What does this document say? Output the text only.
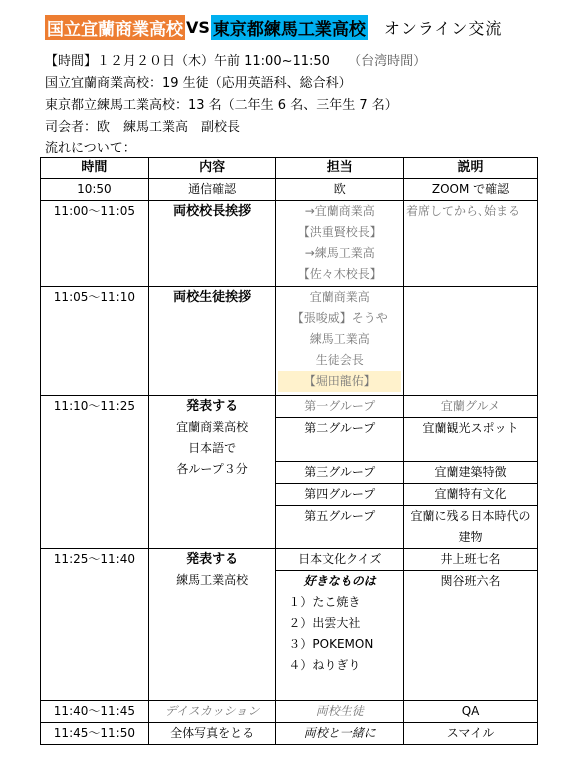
国立宜蘭商業高校 VS 東京都練馬工業高校 オンライン交流
【時間】１２月２０日（木）午前 11:00~11:50 （台湾時間）
国立宜蘭商業高校：19 生徒（応用英語科、総合科）
東京都立練馬工業高校：13 名（二年生 6 名、三年生 7 名）
司会者：欧　練馬工業高　副校長
流れについて：
時間	内容	担当	説明
10:50	通信確認	欧	ZOOM で確認
11:00～11:05	両校校長挨拶	→宜蘭商業高
【洪重賢校長】
→練馬工業高
【佐々木校長】	着席してから､始まる
11:05～11:10	両校生徒挨拶	宜蘭商業高
【張唆威】そうや
練馬工業高
生徒会長
【堀田龍佑】	

11:10～11:25	発表する
宜蘭商業高校
日本語で
各ループ３分	第一グループ	宜蘭グルメ
		第二グループ	宜蘭観光スポット
		第三グループ	宜蘭建築特徴
		第四グループ	宜蘭特有文化
		第五グループ	宜蘭に残る日本時代の建物
11:25～11:40	発表する
練馬工業高校	日本文化クイズ	井上班七名

		好きなものは
１）たこ焼き
２）出雲大社
３）POKEMON
４）ねりぎり	関谷班六名
11:40～11:45	デイスカッション	両校生徒	QA
11:45～11:50	全体写真をとる	両校と一緒に	スマイル
